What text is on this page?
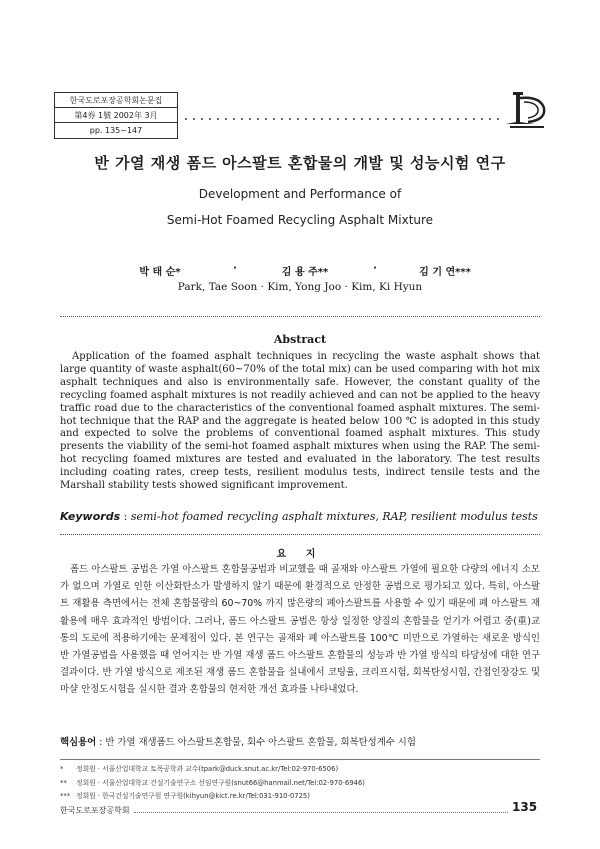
한국도로포장공학회논문집
第4券 1號 2002年 3月
pp. 135~147
반 가열 재생 폼드 아스팔트 혼합물의 개발 및 성능시험 연구
Development and Performance of
Semi-Hot Foamed Recycling Asphalt Mixture
박 태 순*	·	김 용 주**	·	김 기 연***
Park, Tae Soon · Kim, Yong Joo · Kim, Ki Hyun
Abstract
Application of the foamed asphalt techniques in recycling the waste asphalt shows that large quantity of waste asphalt(60~70% of the total mix) can be used comparing with hot mix asphalt techniques and also is environmentally safe. However, the constant quality of the recycling foamed asphalt mixtures is not readily achieved and can not be applied to the heavy traffic road due to the characteristics of the conventional foamed asphalt mixtures. The semi-hot technique that the RAP and the aggregate is heated below 100 ℃ is adopted in this study and expected to solve the problems of conventional foamed asphalt mixtures. This study presents the viability of the semi-hot foamed asphalt mixtures when using the RAP. The semi-hot recycling foamed mixtures are tested and evaluated in the laboratory. The test results including coating rates, creep tests, resilient modulus tests, indirect tensile tests and the Marshall stability tests showed significant improvement.
Keywords : semi-hot foamed recycling asphalt mixtures, RAP, resilient modulus tests
요 지
폼드 아스팔트 공법은 가열 아스팔트 혼합물공법과 비교했을 때 골재와 아스팔트 가열에 필요한 다량의 에너지 소모가 없으며 가열로 인한 이산화탄소가 발생하지 않기 때문에 환경적으로 안정한 공법으로 평가되고 있다. 특히, 아스팔트 재활용 측면에서는 전체 혼합물량의 60~70% 까지 많은량의 폐아스팔트를 사용할 수 있기 때문에 폐 아스팔트 재활용에 매우 효과적인 방법이다. 그러나, 폼드 아스팔트 공법은 항상 일정한 양질의 혼합물을 얻기가 어렵고 중(重)교통의 도로에 적용하기에는 문제점이 있다. 본 연구는 골재와 폐 아스팔트를 100℃ 미만으로 가열하는 새로운 방식인 반 가열공법을 사용했을 때 얻어지는 반 가열 재생 폼드 아스팔트 혼합물의 성능과 반 가열 방식의 타당성에 대한 연구결과이다. 반 가열 방식으로 제조된 재생 폼드 혼합물을 실내에서 코팅율, 크리프시험, 회복탄성시험, 간접인장강도 및 마샬 안정도시험을 실시한 결과 혼합물의 현저한 개선 효과를 나타내었다.
핵심용어 : 반 가열 재생폼드 아스팔트혼합물, 회수 아스팔트 혼합물, 회복탄성계수 시험
* 정회원 · 서울산업대학교 토목공학과 교수(tpark@duck.snut.ac.kr/Tel:02-970-6506)
** 정회원 · 서울산업대학교 건설기술연구소 선임연구원(snut66@hanmail.net/Tel:02-970-6946)
*** 정회원 · 한국건설기술연구원 연구원(kihyun@kict.re.kr/Tel:031-910-0725)
한국도로포장공학회	135
